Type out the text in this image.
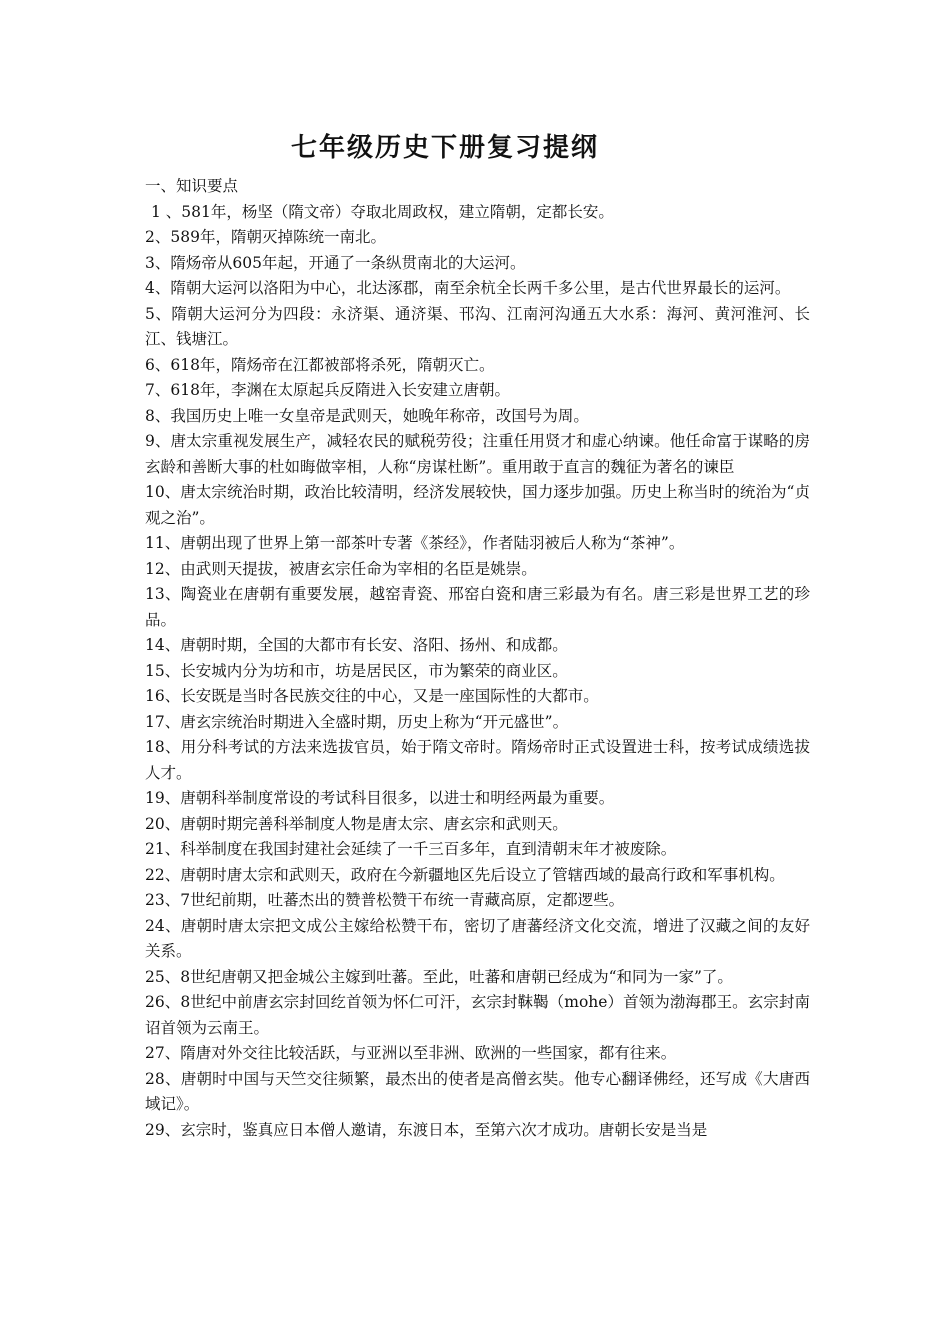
七年级历史下册复习提纲

一、知识要点

1 、581年，杨坚（隋文帝）夺取北周政权，建立隋朝，定都长安。
2、589年，隋朝灭掉陈统一南北。
3、隋炀帝从605年起，开通了一条纵贯南北的大运河。
4、隋朝大运河以洛阳为中心，北达涿郡，南至余杭全长两千多公里，是古代世界最长的运河。
5、隋朝大运河分为四段：永济渠、通济渠、邗沟、江南河沟通五大水系：海河、黄河淮河、长江、钱塘江。
6、618年，隋炀帝在江都被部将杀死，隋朝灭亡。
7、618年，李渊在太原起兵反隋进入长安建立唐朝。
8、我国历史上唯一女皇帝是武则天，她晚年称帝，改国号为周。
9、唐太宗重视发展生产，减轻农民的赋税劳役；注重任用贤才和虚心纳谏。他任命富于谋略的房玄龄和善断大事的杜如晦做宰相，人称“房谋杜断”。重用敢于直言的魏征为著名的谏臣
10、唐太宗统治时期，政治比较清明，经济发展较快，国力逐步加强。历史上称当时的统治为“贞观之治”。
11、唐朝出现了世界上第一部茶叶专著《茶经》，作者陆羽被后人称为“茶神”。
12、由武则天提拔，被唐玄宗任命为宰相的名臣是姚崇。
13、陶瓷业在唐朝有重要发展，越窑青瓷、邢窑白瓷和唐三彩最为有名。唐三彩是世界工艺的珍品。
14、唐朝时期，全国的大都市有长安、洛阳、扬州、和成都。
15、长安城内分为坊和市，坊是居民区，市为繁荣的商业区。
16、长安既是当时各民族交往的中心，又是一座国际性的大都市。
17、唐玄宗统治时期进入全盛时期，历史上称为“开元盛世”。
18、用分科考试的方法来选拔官员，始于隋文帝时。隋炀帝时正式设置进士科，按考试成绩选拔人才。
19、唐朝科举制度常设的考试科目很多，以进士和明经两最为重要。
20、唐朝时期完善科举制度人物是唐太宗、唐玄宗和武则天。
21、科举制度在我国封建社会延续了一千三百多年，直到清朝末年才被废除。
22、唐朝时唐太宗和武则天，政府在今新疆地区先后设立了管辖西域的最高行政和军事机构。
23、7世纪前期，吐蕃杰出的赞普松赞干布统一青藏高原，定都逻些。
24、唐朝时唐太宗把文成公主嫁给松赞干布，密切了唐蕃经济文化交流，增进了汉藏之间的友好关系。
25、8世纪唐朝又把金城公主嫁到吐蕃。至此，吐蕃和唐朝已经成为“和同为一家”了。
26、8世纪中前唐玄宗封回纥首领为怀仁可汗，玄宗封靺鞨（mohe）首领为渤海郡王。玄宗封南诏首领为云南王。
27、隋唐对外交往比较活跃，与亚洲以至非洲、欧洲的一些国家，都有往来。
28、唐朝时中国与天竺交往频繁，最杰出的使者是高僧玄奘。他专心翻译佛经，还写成《大唐西域记》。
29、玄宗时，鉴真应日本僧人邀请，东渡日本，至第六次才成功。唐朝长安是当是
